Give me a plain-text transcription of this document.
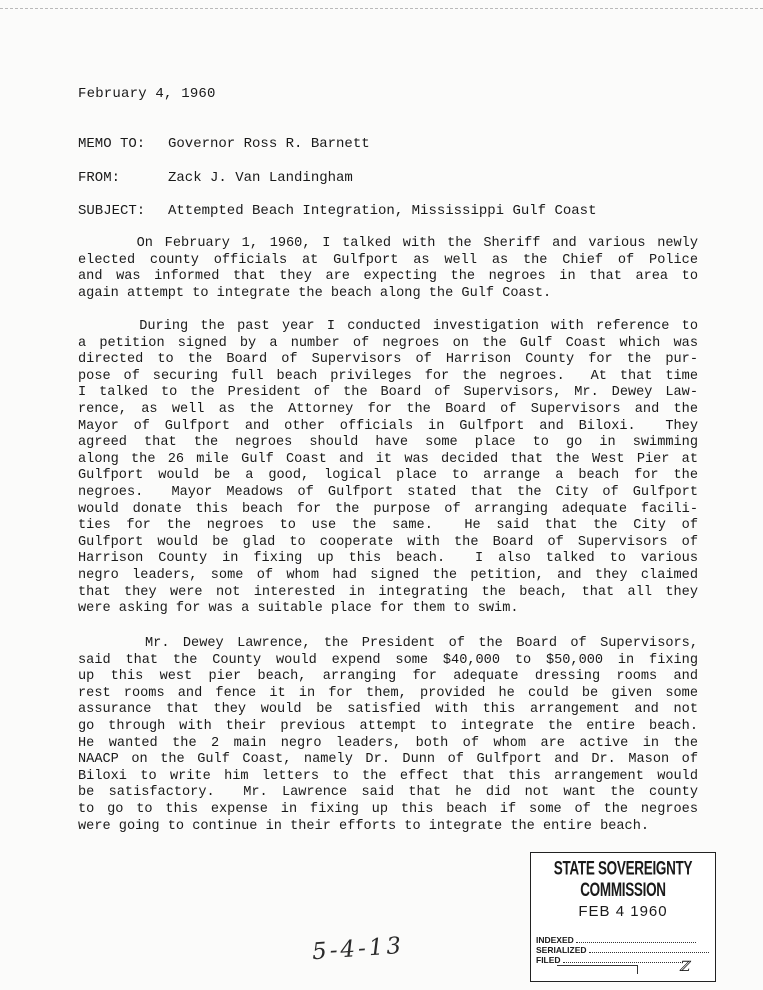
February 4, 1960
MEMO TO: Governor Ross R. Barnett
FROM:	Zack J. Van Landingham
SUBJECT: Attempted Beach Integration, Mississippi Gulf Coast
On February 1, 1960, I talked with the Sheriff and various newly
elected county officials at Gulfport as well as the Chief of Police
and was informed that they are expecting the negroes in that area to
again attempt to integrate the beach along the Gulf Coast.
During the past year I conducted investigation with reference to
a petition signed by a number of negroes on the Gulf Coast which was
directed to the Board of Supervisors of Harrison County for the pur-
pose of securing full beach privileges for the negroes.  At that time
I talked to the President of the Board of Supervisors, Mr. Dewey Law-
rence, as well as the Attorney for the Board of Supervisors and the
Mayor of Gulfport and other officials in Gulfport and Biloxi.  They
agreed that the negroes should have some place to go in swimming
along the 26 mile Gulf Coast and it was decided that the West Pier at
Gulfport would be a good, logical place to arrange a beach for the
negroes.  Mayor Meadows of Gulfport stated that the City of Gulfport
would donate this beach for the purpose of arranging adequate facili-
ties for the negroes to use the same.  He said that the City of
Gulfport would be glad to cooperate with the Board of Supervisors of
Harrison County in fixing up this beach.  I also talked to various
negro leaders, some of whom had signed the petition, and they claimed
that they were not interested in integrating the beach, that all they
were asking for was a suitable place for them to swim.
Mr. Dewey Lawrence, the President of the Board of Supervisors,
said that the County would expend some $40,000 to $50,000 in fixing
up this west pier beach, arranging for adequate dressing rooms and
rest rooms and fence it in for them, provided he could be given some
assurance that they would be satisfied with this arrangement and not
go through with their previous attempt to integrate the entire beach.
He wanted the 2 main negro leaders, both of whom are active in the
NAACP on the Gulf Coast, namely Dr. Dunn of Gulfport and Dr. Mason of
Biloxi to write him letters to the effect that this arrangement would
be satisfactory.  Mr. Lawrence said that he did not want the county
to go to this expense in fixing up this beach if some of the negroes
were going to continue in their efforts to integrate the entire beach.
STATE SOVEREIGNTY COMMISSION
FEB 4 1960
INDEXED
SERIALIZED
FILED	ℤ
5-4-13
